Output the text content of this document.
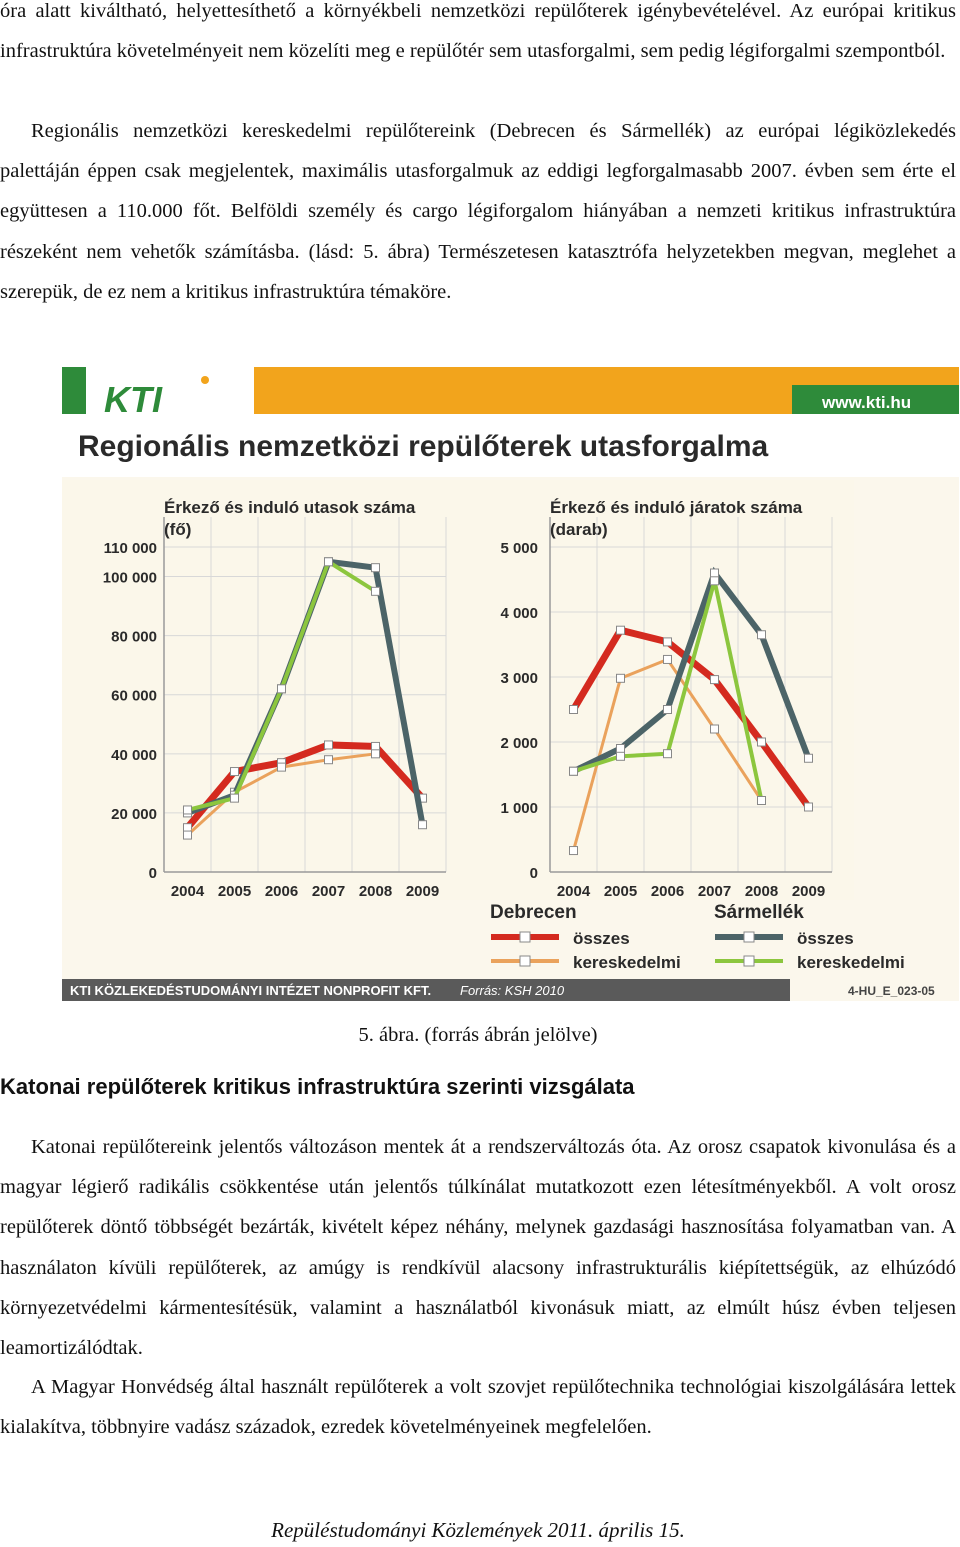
óra alatt kiváltható, helyettesíthető a környékbeli nemzetközi repülőterek igénybevételével. Az európai kritikus infrastruktúra követelményeit nem közelíti meg e repülőtér sem utasforgalmi, sem pedig légiforgalmi szempontból.

Regionális nemzetközi kereskedelmi repülőtereink (Debrecen és Sármellék) az európai légiközlekedés palettáján éppen csak megjelentek, maximális utasforgalmuk az eddigi legforgalmasabb 2007. évben sem érte el együttesen a 110.000 főt. Belföldi személy és cargo légiforgalom hiányában a nemzeti kritikus infrastruktúra részeként nem vehetők számításba. (lásd: 5. ábra) Természetesen katasztrófa helyzetekben megvan, meglehet a szerepük, de ez nem a kritikus infrastruktúra témaköre.

KTI	www.kti.hu
Regionális nemzetközi repülőterek utasforgalma
Érkező és induló utasok száma
(fő)
0
20 000
40 000
60 000
80 000
100 000
110 000
2004 2005 2006 2007 2008 2009
Érkező és induló járatok száma
(darab)
0
1 000
2 000
3 000
4 000
5 000
2004 2005 2006 2007 2008 2009
Debrecen	Sármellék
összes
kereskedelmi
összes
kereskedelmi
KTI KÖZLEKEDÉSTUDOMÁNYI INTÉZET NONPROFIT KFT. Forrás: KSH 2010	4-HU_E_023-05
5. ábra. (forrás ábrán jelölve)
Katonai repülőterek kritikus infrastruktúra szerinti vizsgálata

Katonai repülőtereink jelentős változáson mentek át a rendszerváltozás óta. Az orosz csapatok kivonulása és a magyar légierő radikális csökkentése után jelentős túlkínálat mutatkozott ezen létesítményekből. A volt orosz repülőterek döntő többségét bezárták, kivételt képez néhány, melynek gazdasági hasznosítása folyamatban van. A használaton kívüli repülőterek, az amúgy is rendkívül alacsony infrastrukturális kiépítettségük, az elhúzódó környezetvédelmi kármentesítésük, valamint a használatból kivonásuk miatt, az elmúlt húsz évben teljesen leamortizálódtak.

A Magyar Honvédség által használt repülőterek a volt szovjet repülőtechnika technológiai kiszolgálására lettek kialakítva, többnyire vadász századok, ezredek követelményeinek megfelelően.

Repüléstudományi Közlemények 2011. április 15.
